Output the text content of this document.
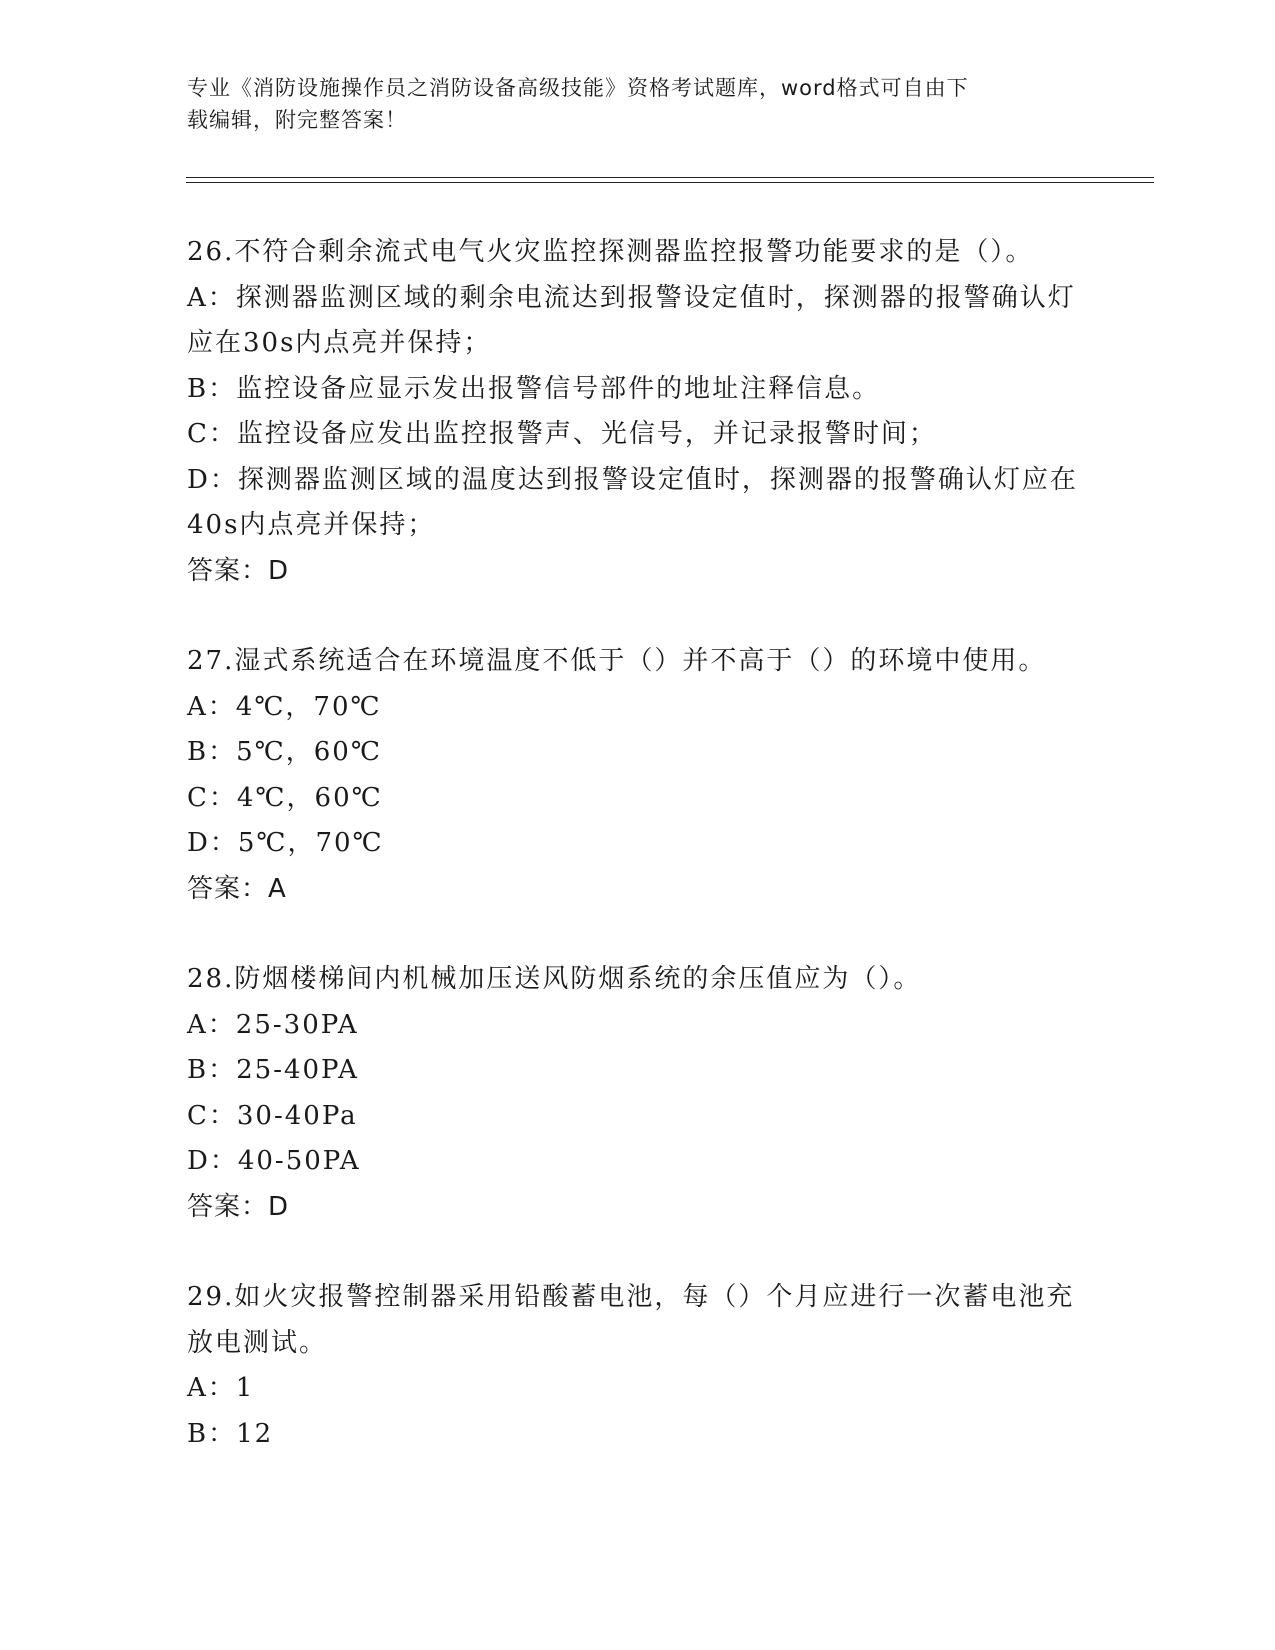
专业《消防设施操作员之消防设备高级技能》资格考试题库，word格式可自由下
载编辑，附完整答案！
26.不符合剩余流式电气火灾监控探测器监控报警功能要求的是（）。
A：探测器监测区域的剩余电流达到报警设定值时，探测器的报警确认灯应在30s内点亮并保持；
B：监控设备应显示发出报警信号部件的地址注释信息。
C：监控设备应发出监控报警声、光信号，并记录报警时间；
D：探测器监测区域的温度达到报警设定值时，探测器的报警确认灯应在40s内点亮并保持；
答案：D
27.湿式系统适合在环境温度不低于（）并不高于（）的环境中使用。
A：4℃，70℃
B：5℃，60℃
C：4℃，60℃
D：5℃，70℃
答案：A
28.防烟楼梯间内机械加压送风防烟系统的余压值应为（）。
A：25-30PA
B：25-40PA
C：30-40Pa
D：40-50PA
答案：D
29.如火灾报警控制器采用铅酸蓄电池，每（）个月应进行一次蓄电池充放电测试。
A：1
B：12
